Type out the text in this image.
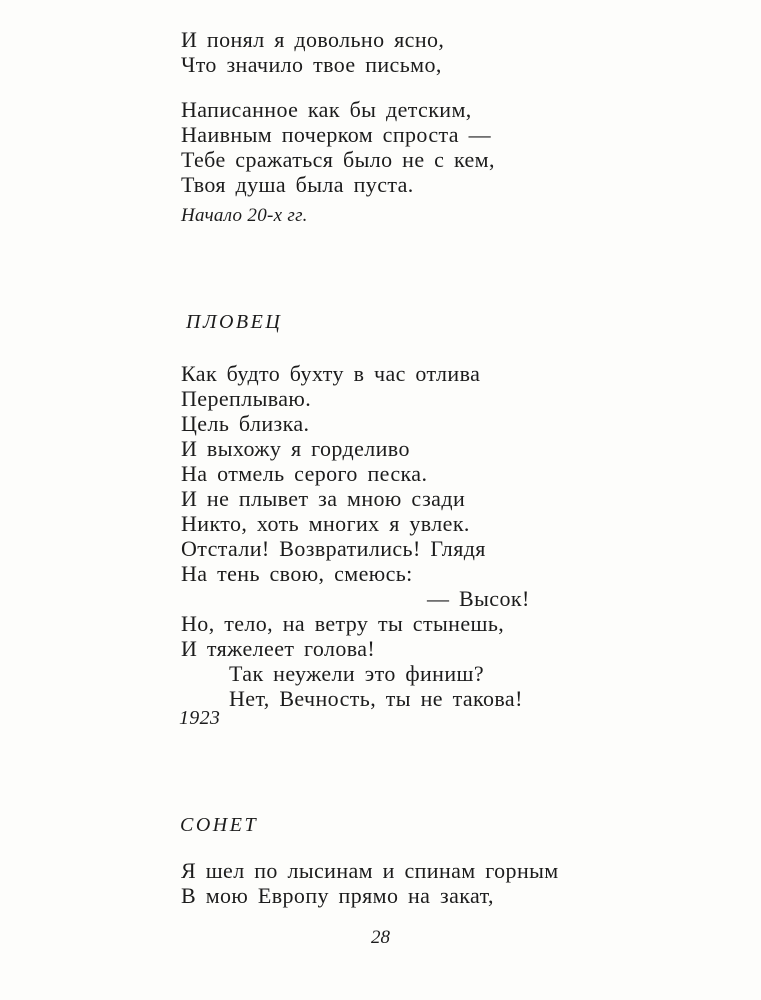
И понял я довольно ясно,
Что значило твое письмо,
Написанное как бы детским,
Наивным почерком спроста —
Тебе сражаться было не с кем,
Твоя душа была пуста.
Начало 20-х гг.
ПЛОВЕЦ
Как будто бухту в час отлива
Переплываю.
Цель близка.
И выхожу я горделиво
На отмель серого песка.
И не плывет за мною сзади
Никто, хоть многих я увлек.
Отстали! Возвратились! Глядя
На тень свою, смеюсь:
— Высок!
Но, тело, на ветру ты стынешь,
И тяжелеет голова!
Так неужели это финиш?
Нет, Вечность, ты не такова!
1923
СОНЕТ
Я шел по лысинам и спинам горным
В мою Европу прямо на закат,
28
